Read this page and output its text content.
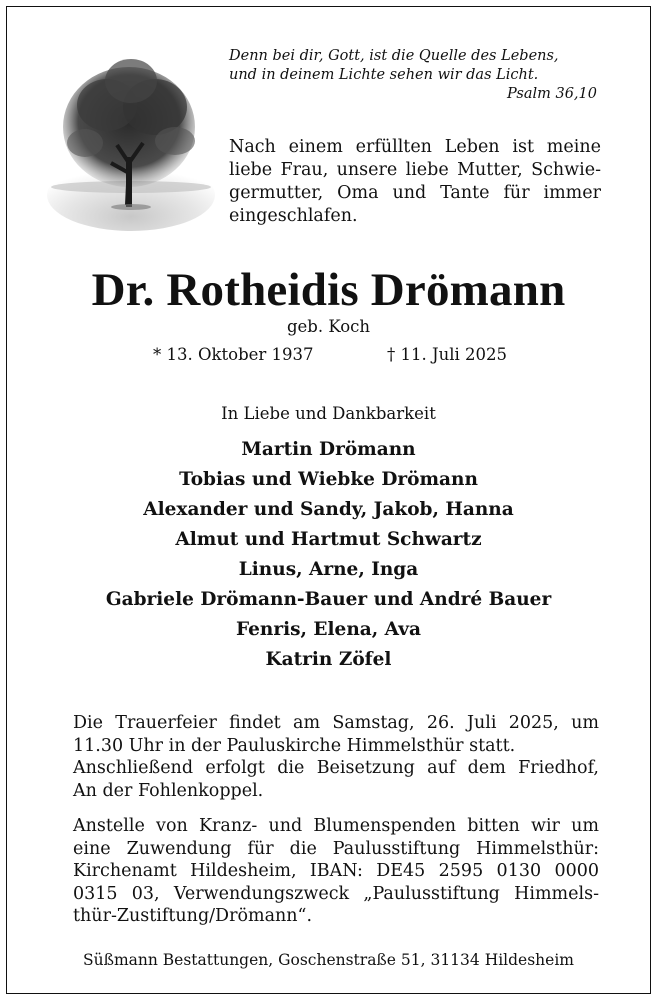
Denn bei dir, Gott, ist die Quelle des Lebens,
und in deinem Lichte sehen wir das Licht.
Psalm 36,10
Nach einem erfüllten Leben ist meine
liebe Frau, unsere liebe Mutter, Schwie-
germutter, Oma und Tante für immer
eingeschlafen.
Dr. Rotheidis Drömann
geb. Koch
* 13. Oktober 1937	† 11. Juli 2025
In Liebe und Dankbarkeit
Martin Drömann
Tobias und Wiebke Drömann
Alexander und Sandy, Jakob, Hanna
Almut und Hartmut Schwartz
Linus, Arne, Inga
Gabriele Drömann-Bauer und André Bauer
Fenris, Elena, Ava
Katrin Zöfel
Die Trauerfeier findet am Samstag, 26. Juli 2025, um
11.30 Uhr in der Pauluskirche Himmelsthür statt.
Anschließend erfolgt die Beisetzung auf dem Friedhof,
An der Fohlenkoppel.
Anstelle von Kranz- und Blumenspenden bitten wir um
eine Zuwendung für die Paulusstiftung Himmelsthür:
Kirchenamt Hildesheim, IBAN: DE45 2595 0130 0000
0315 03, Verwendungszweck „Paulusstiftung Himmels-
thür-Zustiftung/Drömann“.
Süßmann Bestattungen, Goschenstraße 51, 31134 Hildesheim
